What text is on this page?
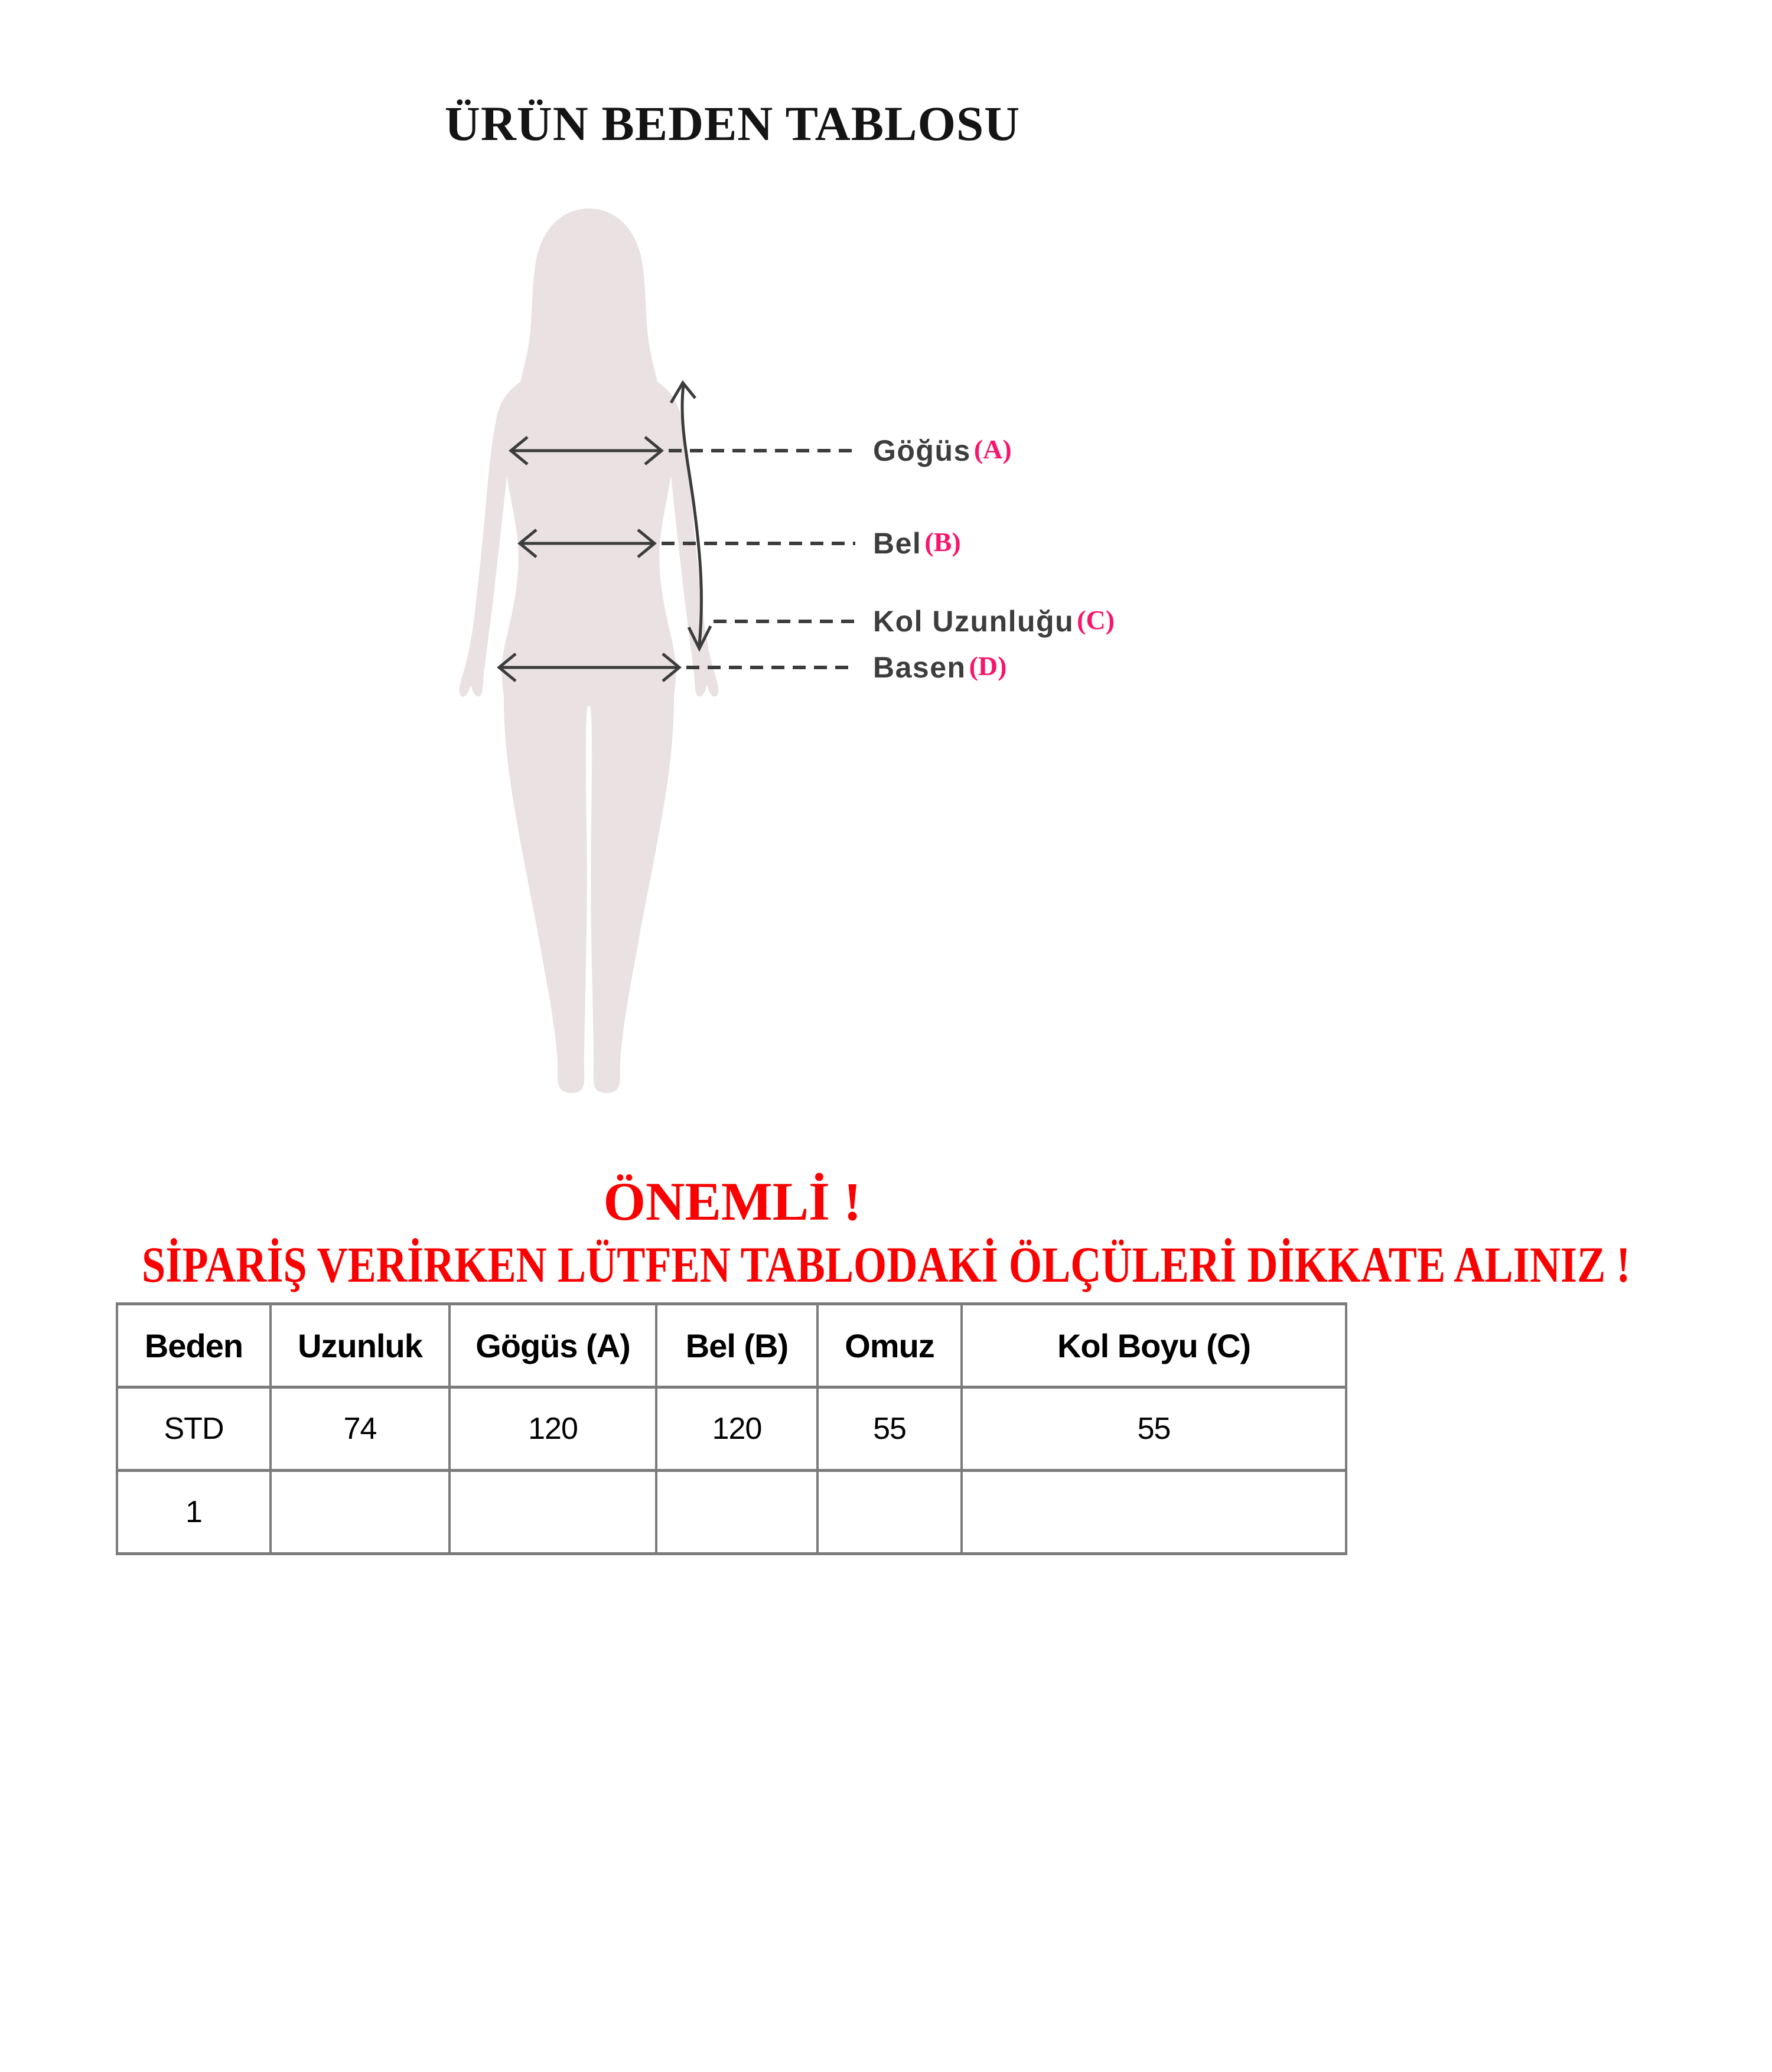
ÜRÜN BEDEN TABLOSU
Göğüs (A)
Bel (B)
Kol Uzunluğu (C)
Basen (D)
ÖNEMLİ !
SİPARİŞ VERİRKEN LÜTFEN TABLODAKİ ÖLÇÜLERİ DİKKATE ALINIZ !
Beden	Uzunluk	Gögüs (A)	Bel (B)	Omuz	Kol Boyu (C)
STD	74	120	120	55	55
1					
